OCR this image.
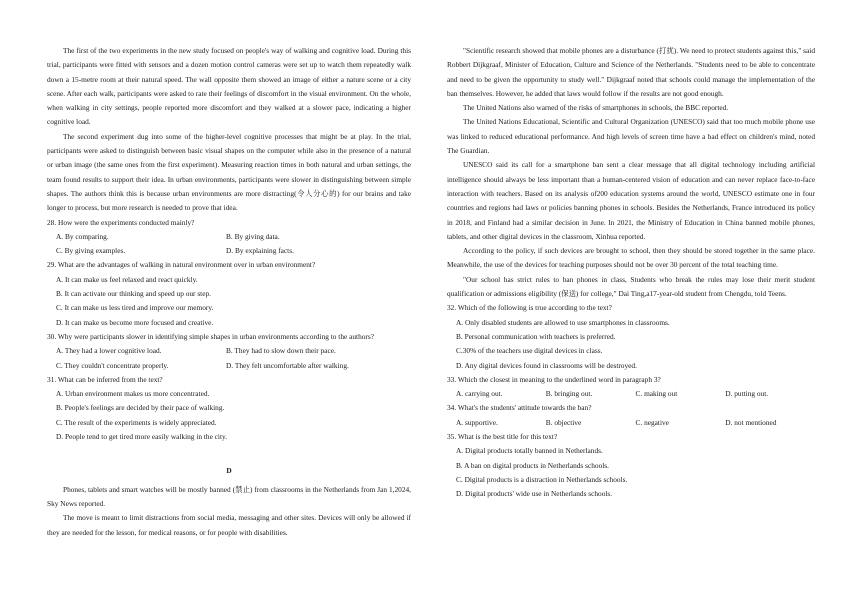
The first of the two experiments in the new study focused on people's way of walking and cognitive load. During this trial, participants were fitted with sensors and a dozen motion control cameras were set up to watch them repeatedly walk down a 15-metre room at their natural speed. The wall opposite them showed an image of either a nature scene or a city scene. After each walk, participants were asked to rate their feelings of discomfort in the visual environment. On the whole, when walking in city settings, people reported more discomfort and they walked at a slower pace, indicating a higher cognitive load.

The second experiment dug into some of the higher-level cognitive processes that might be at play. In the trial, participants were asked to distinguish between basic visual shapes on the computer while also in the presence of a natural or urban image (the same ones from the first experiment). Measuring reaction times in both natural and urban settings, the team found results to support their idea. In urban environments, participants were slower in distinguishing between simple shapes. The authors think this is because urban environments are more distracting(令人分心的) for our brains and take longer to process, but more research is needed to prove that idea.

28. How were the experiments conducted mainly?

A. By comparing.	B. By giving data.
C. By giving examples.	D. By explaining facts.

29. What are the advantages of walking in natural environment over in urban environment?

A. It can make us feel relaxed and react quickly.

B. It can activate our thinking and speed up our step.

C. It can make us less tired and improve our memory.

D. It can make us become more focused and creative.

30. Why were participants slower in identifying simple shapes in urban environments according to the authors?

A. They had a lower cognitive load.	B. They had to slow down their pace.
C. They couldn't concentrate properly.	D. They felt uncomfortable after walking.

31. What can be inferred from the text?

A. Urban environment makes us more concentrated.

B. People's feelings are decided by their pace of walking.

C. The result of the experiments is widely appreciated.

D. People tend to get tired more easily walking in the city.

D

Phones, tablets and smart watches will be mostly banned (禁止) from classrooms in the Netherlands from Jan 1,2024, Sky News reported.

The move is meant to limit distractions from social media, messaging and other sites. Devices will only be allowed if they are needed for the lesson, for medical reasons, or for people with disabilities.

"Scientific research showed that mobile phones are a disturbance (打扰). We need to protect students against this," said Robbert Dijkgraaf, Minister of Education, Culture and Science of the Netherlands. "Students need to be able to concentrate and need to be given the opportunity to study well." Dijkgraaf noted that schools could manage the implementation of the ban themselves. However, he added that laws would follow if the results are not good enough.

The United Nations also warned of the risks of smartphones in schools, the BBC reported.

The United Nations Educational, Scientific and Cultural Organization (UNESCO) said that too much mobile phone use was linked to reduced educational performance. And high levels of screen time have a bad effect on children's mind, noted The Guardian.

UNESCO said its call for a smartphone ban sent a clear message that all digital technology including artificial intelligence should always be less important than a human-centered vision of education and can never replace face-to-face interaction with teachers. Based on its analysis of200 education systems around the world, UNESCO estimate one in four countries and regions had laws or policies banning phones in schools. Besides the Netherlands, France introduced its policy in 2018, and Finland had a similar decision in June. In 2021, the Ministry of Education in China banned mobile phones, tablets, and other digital devices in the classroom, Xinhua reported.

According to the policy, if such devices are brought to school, then they should be stored together in the same place. Meanwhile, the use of the devices for teaching purposes should not be over 30 percent of the total teaching time.

"Our school has strict rules to ban phones in class, Students who break the rules may lose their merit student qualification or admissions eligibility (保送) for college," Dai Ting,a17-year-old student from Chengdu, told Teens.

32. Which of the following is true according to the text?

A. Only disabled students are allowed to use smartphones in classrooms.

B. Personal communication with teachers is preferred.

C.30% of the teachers use digital devices in class.

D. Any digital devices found in classrooms will be destroyed.

33. Which the closest in meaning to the underlined word in paragraph 3?

A. carrying out.	B. bringing out.	C. making out	D. putting out.

34. What's the students' attitude towards the ban?

A. supportive.	B. objective	C. negative	D. not mentioned

35. What is the best title for this text?

A. Digital products totally banned in Netherlands.

B. A ban on digital products in Netherlands schools.

C. Digital products is a distraction in Netherlands schools.

D. Digital products' wide use in Netherlands schools.
